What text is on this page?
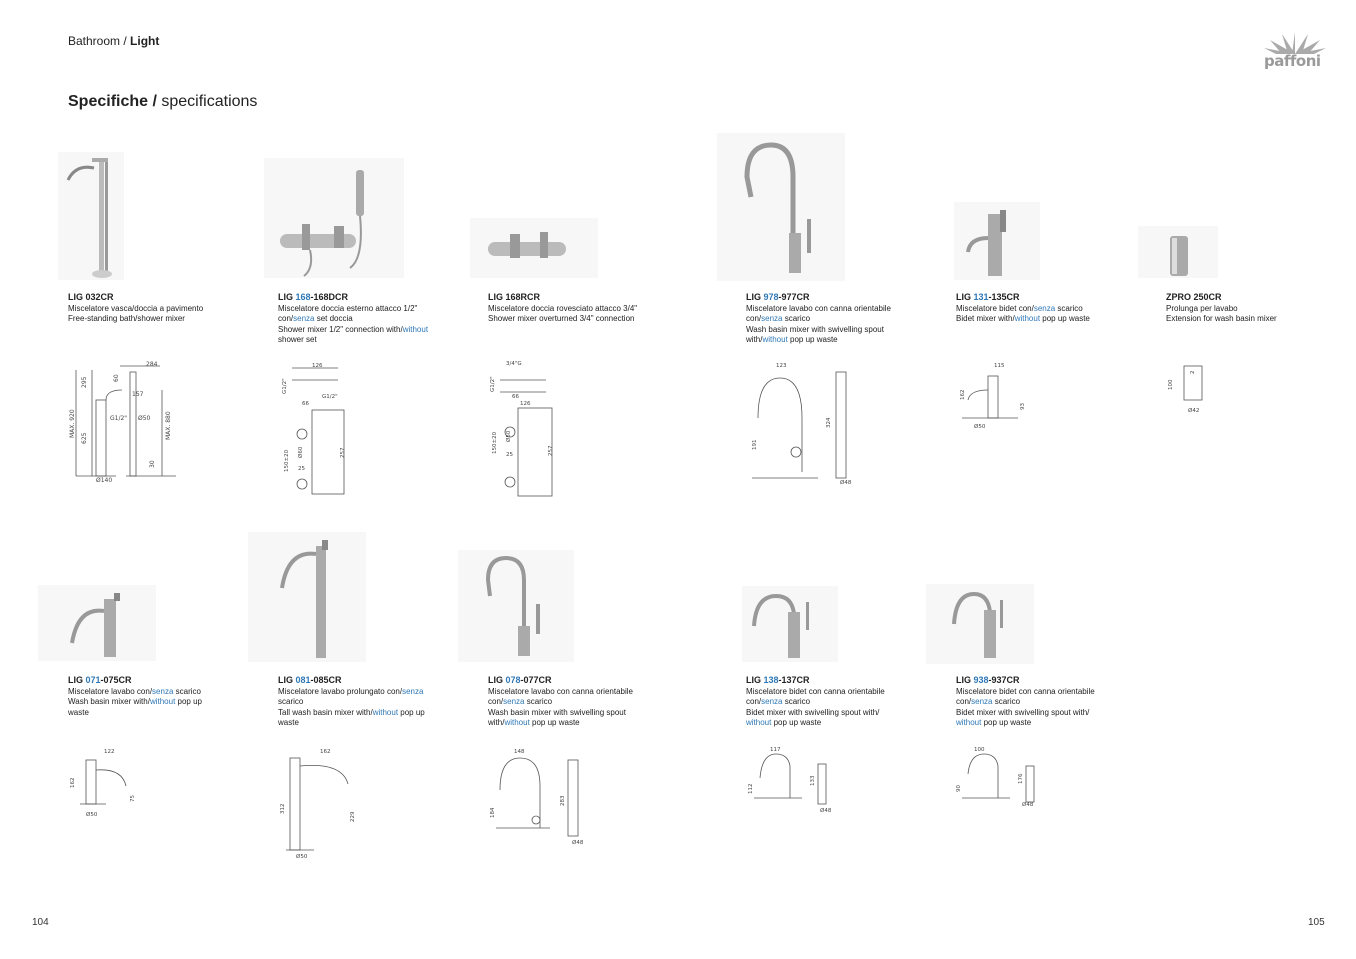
Bathroom / Light
Specifiche / specifications
paffoni
LIG 032CR
Miscelatore vasca/doccia a pavimento
Free-standing bath/shower mixer
LIG 168-168DCR
Miscelatore doccia esterno attacco 1/2"
con/senza set doccia
Shower mixer 1/2" connection with/without
shower set
LIG 168RCR
Miscelatore doccia rovesciato attacco 3/4"
Shower mixer overturned 3/4" connection
LIG 978-977CR
Miscelatore lavabo con canna orientabile
con/senza scarico
Wash basin mixer with swivelling spout
with/without pop up waste
LIG 131-135CR
Miscelatore bidet con/senza scarico
Bidet mixer with/without pop up waste
ZPRO 250CR
Prolunga per lavabo
Extension for wash basin mixer
284
295
MAX. 920
625	MAX. 880
157
G1/2" Ø50
30
Ø140
60
126
G1/2"
66
G1/2"
Ø60
150±20 25
257
3/4"G
G1/2"
66
126
Ø50
150±20
25	257
123
324
191
Ø48
115
162
93
Ø50
100
2
Ø42
LIG 071-075CR
Miscelatore lavabo con/senza scarico
Wash basin mixer with/without pop up
waste
LIG 081-085CR
Miscelatore lavabo prolungato con/senza
scarico
Tall wash basin mixer with/without pop up
waste
LIG 078-077CR
Miscelatore lavabo con canna orientabile
con/senza scarico
Wash basin mixer with swivelling spout
with/without pop up waste
LIG 138-137CR
Miscelatore bidet con canna orientabile
con/senza scarico
Bidet mixer with swivelling spout with/
without pop up waste
LIG 938-937CR
Miscelatore bidet con canna orientabile
con/senza scarico
Bidet mixer with swivelling spout with/
without pop up waste
122
162
75
Ø50
162
312
229
Ø50
148
283
184
Ø48
117
133
112
Ø48
100
176
90
Ø48
104	105
